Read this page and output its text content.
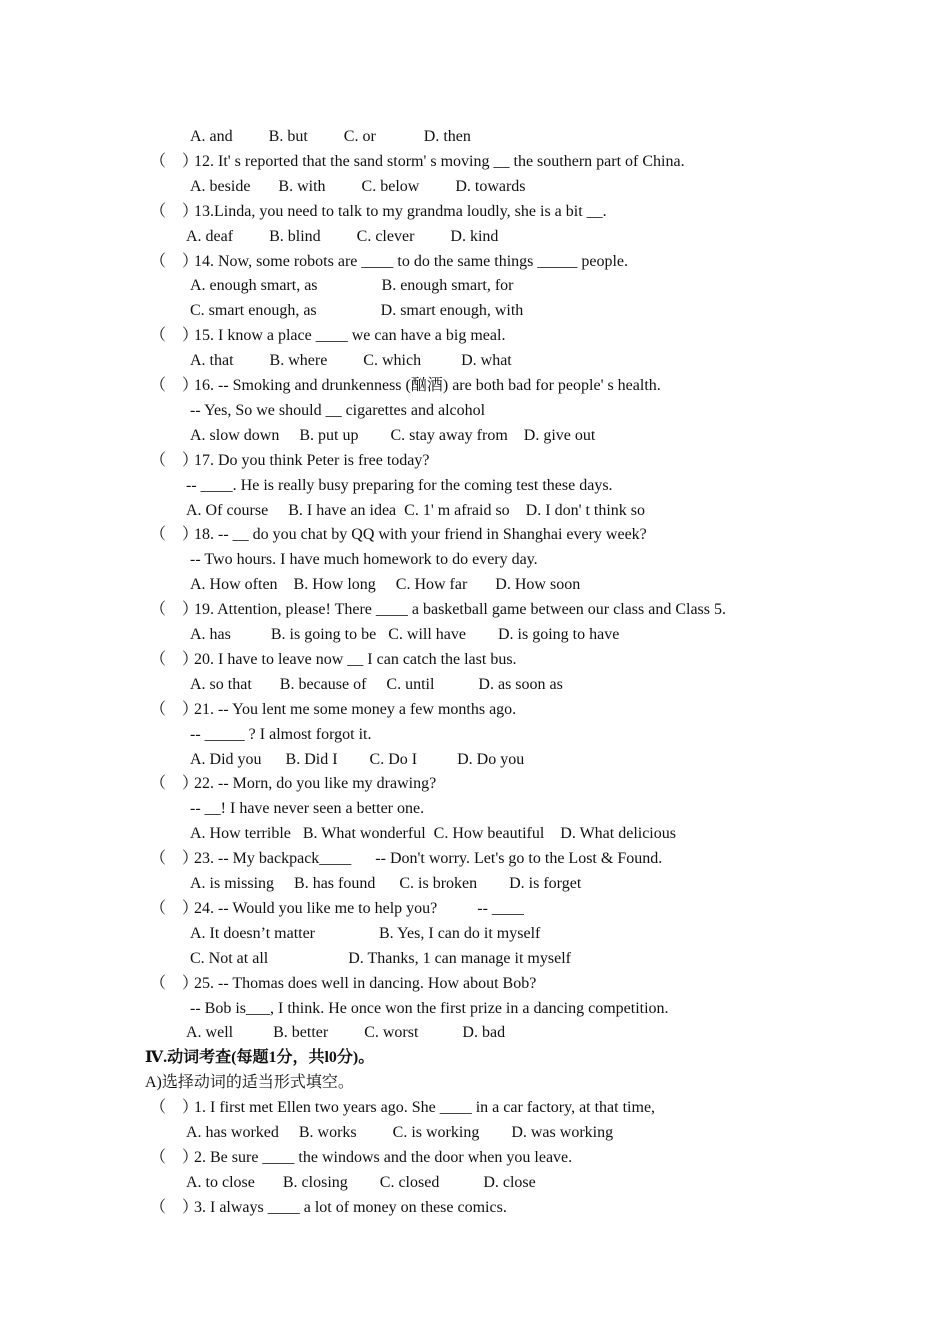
A. and         B. but         C. or            D. then
（    ）12. It' s reported that the sand storm' s moving __ the southern part of China.
A. beside       B. with         C. below         D. towards
（    ）13.Linda, you need to talk to my grandma loudly, she is a bit __.
A. deaf         B. blind         C. clever         D. kind
（    ）14. Now, some robots are ____ to do the same things _____ people.
A. enough smart, as                B. enough smart, for
C. smart enough, as                D. smart enough, with
（    ）15. I know a place ____ we can have a big meal.
A. that         B. where         C. which          D. what
（    ）16. -- Smoking and drunkenness (酗酒) are both bad for people' s health.
-- Yes, So we should __ cigarettes and alcohol
A. slow down     B. put up        C. stay away from    D. give out
（    ）17. Do you think Peter is free today?
-- ____. He is really busy preparing for the coming test these days.
A. Of course     B. I have an idea  C. 1' m afraid so    D. I don' t think so
（    ）18. -- __ do you chat by QQ with your friend in Shanghai every week?
-- Two hours. I have much homework to do every day.
A. How often    B. How long     C. How far       D. How soon
（    ）19. Attention, please! There ____ a basketball game between our class and Class 5.
A. has          B. is going to be   C. will have        D. is going to have
（    ）20. I have to leave now __ I can catch the last bus.
A. so that       B. because of     C. until           D. as soon as
（    ）21. -- You lent me some money a few months ago.
-- _____ ? I almost forgot it.
A. Did you      B. Did I        C. Do I          D. Do you
（    ）22. -- Morn, do you like my drawing?
-- __! I have never seen a better one.
A. How terrible   B. What wonderful  C. How beautiful    D. What delicious
（    ）23. -- My backpack____      -- Don't worry. Let's go to the Lost & Found.
A. is missing     B. has found      C. is broken        D. is forget
（    ）24. -- Would you like me to help you?          -- ____
A. It doesn’t matter                B. Yes, I can do it myself
C. Not at all                    D. Thanks, 1 can manage it myself
（    ）25. -- Thomas does well in dancing. How about Bob?
-- Bob is___, I think. He once won the first prize in a dancing competition.
A. well          B. better         C. worst           D. bad
Ⅳ.动词考查(每题1分，共l0分)。
A)选择动词的适当形式填空。
（    ）1. I first met Ellen two years ago. She ____ in a car factory, at that time,
A. has worked     B. works         C. is working        D. was working
（    ）2. Be sure ____ the windows and the door when you leave.
A. to close       B. closing        C. closed           D. close
（    ）3. I always ____ a lot of money on these comics.
